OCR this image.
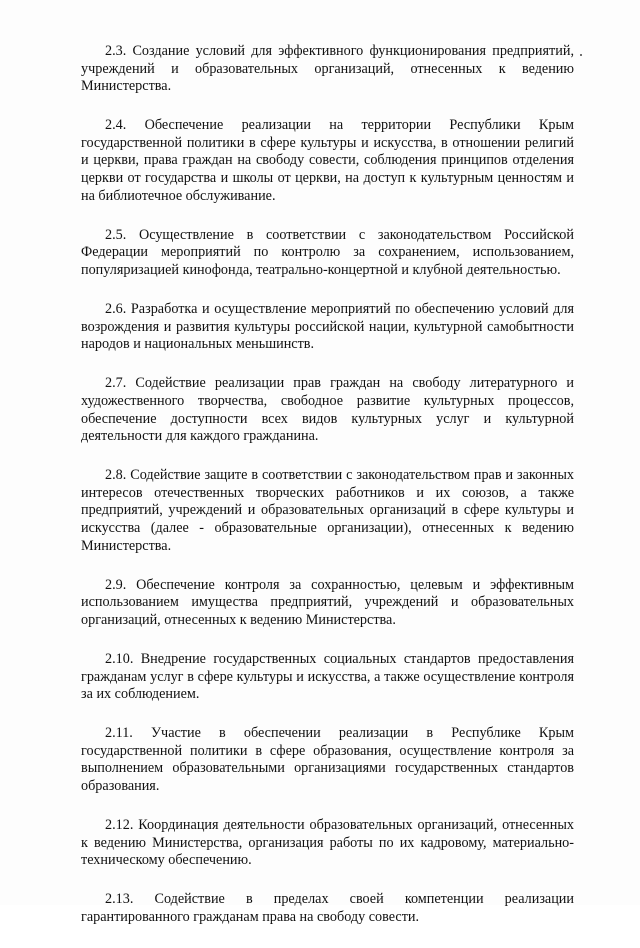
2.3. Создание условий для эффективного функционирования предприятий, учреждений и образовательных организаций, отнесенных к ведению Министерства.

2.4. Обеспечение реализации на территории Республики Крым государственной политики в сфере культуры и искусства, в отношении религий и церкви, права граждан на свободу совести, соблюдения принципов отделения церкви от государства и школы от церкви, на доступ к культурным ценностям и на библиотечное обслуживание.

2.5. Осуществление в соответствии с законодательством Российской Федерации мероприятий по контролю за сохранением, использованием, популяризацией кинофонда, театрально-концертной и клубной деятельностью.

2.6. Разработка и осуществление мероприятий по обеспечению условий для возрождения и развития культуры российской нации, культурной самобытности народов и национальных меньшинств.

2.7. Содействие реализации прав граждан на свободу литературного и художественного творчества, свободное развитие культурных процессов, обеспечение доступности всех видов культурных услуг и культурной деятельности для каждого гражданина.

2.8. Содействие защите в соответствии с законодательством прав и законных интересов отечественных творческих работников и их союзов, а также предприятий, учреждений и образовательных организаций в сфере культуры и искусства (далее - образовательные организации), отнесенных к ведению Министерства.

2.9. Обеспечение контроля за сохранностью, целевым и эффективным использованием имущества предприятий, учреждений и образовательных организаций, отнесенных к ведению Министерства.

2.10. Внедрение государственных социальных стандартов предоставления гражданам услуг в сфере культуры и искусства, а также осуществление контроля за их соблюдением.

2.11. Участие в обеспечении реализации в Республике Крым государственной политики в сфере образования, осуществление контроля за выполнением образовательными организациями государственных стандартов образования.

2.12. Координация деятельности образовательных организаций, отнесенных к ведению Министерства, организация работы по их кадровому, материально-техническому обеспечению.

2.13. Содействие в пределах своей компетенции реализации гарантированного гражданам права на свободу совести.
